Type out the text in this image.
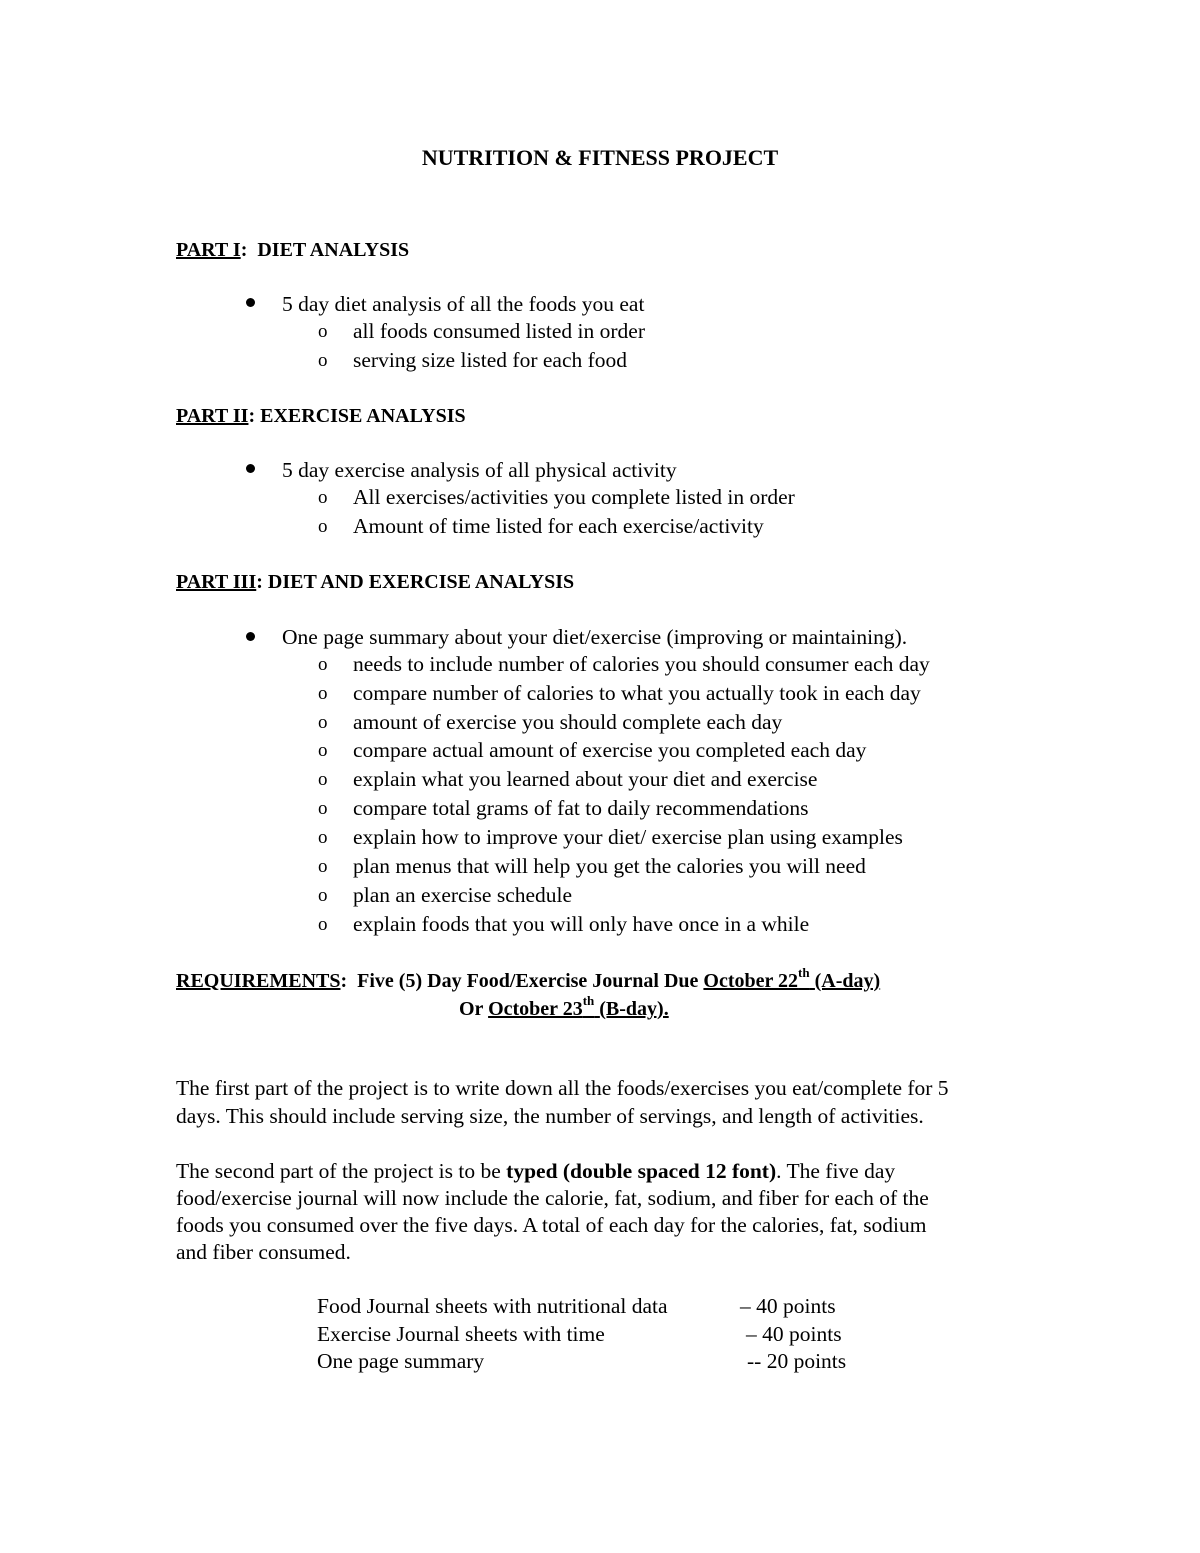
NUTRITION & FITNESS PROJECT
PART I:  DIET ANALYSIS
5 day diet analysis of all the foods you eat
o all foods consumed listed in order
o serving size listed for each food
PART II: EXERCISE ANALYSIS
5 day exercise analysis of all physical activity
o All exercises/activities you complete listed in order
o Amount of time listed for each exercise/activity
PART III: DIET AND EXERCISE ANALYSIS
One page summary about your diet/exercise (improving or maintaining).
o needs to include number of calories you should consumer each day
o compare number of calories to what you actually took in each day
o amount of exercise you should complete each day
o compare actual amount of exercise you completed each day
o explain what you learned about your diet and exercise
o compare total grams of fat to daily recommendations
o explain how to improve your diet/ exercise plan using examples
o plan menus that will help you get the calories you will need
o plan an exercise schedule
o explain foods that you will only have once in a while
REQUIREMENTS: Five (5) Day Food/Exercise Journal Due October 22th (A-day)
Or October 23th (B-day).
The first part of the project is to write down all the foods/exercises you eat/complete for 5
days. This should include serving size, the number of servings, and length of activities.
The second part of the project is to be typed (double spaced 12 font). The five day
food/exercise journal will now include the calorie, fat, sodium, and fiber for each of the
foods you consumed over the five days. A total of each day for the calories, fat, sodium
and fiber consumed.
Food Journal sheets with nutritional data	– 40 points
Exercise Journal sheets with time	– 40 points
One page summary	-- 20 points
